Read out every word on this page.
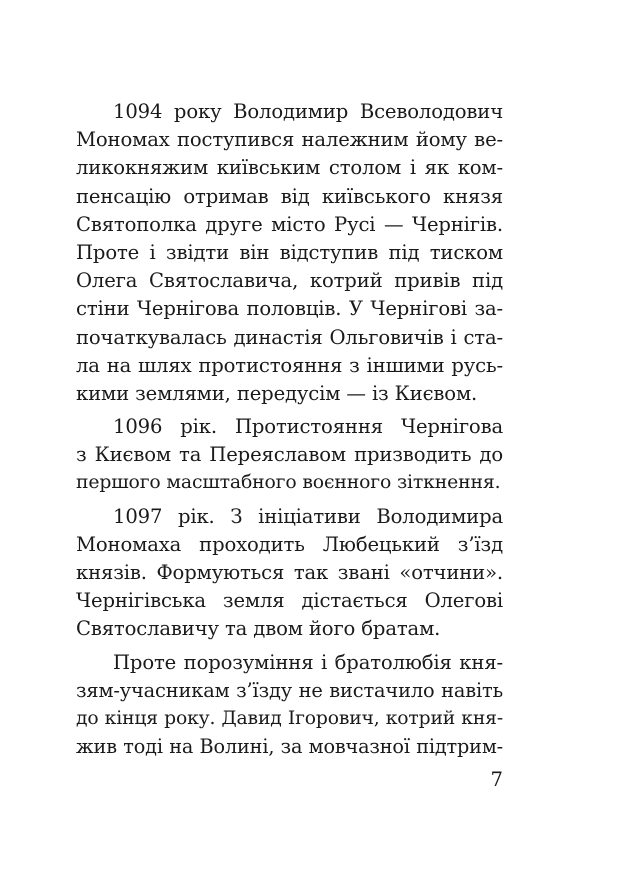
1094 року Володимир Всеволодович
Мономах поступився належним йому ве-
ликокняжим київським столом і як ком-
пенсацію отримав від київського князя
Святополка друге місто Русі — Чернігів.
Проте і звідти він відступив під тиском
Олега Святославича, котрий привів під
стіни Чернігова половців. У Чернігові за-
початкувалась династія Ольговичів і ста-
ла на шлях протистояння з іншими русь-
кими землями, передусім — із Києвом.
1096 рік. Протистояння Чернігова
з Києвом та Переяславом призводить до
першого масштабного воєнного зіткнення.
1097 рік. З ініціативи Володимира
Мономаха проходить Любецький з’їзд
князів. Формуються так звані «отчини».
Чернігівська земля дістається Олегові
Святославичу та двом його братам.
Проте порозуміння і братолюбія кня-
зям-учасникам з’їзду не вистачило навіть
до кінця року. Давид Ігорович, котрий кня-
жив тоді на Волині, за мовчазної підтрим-
7
